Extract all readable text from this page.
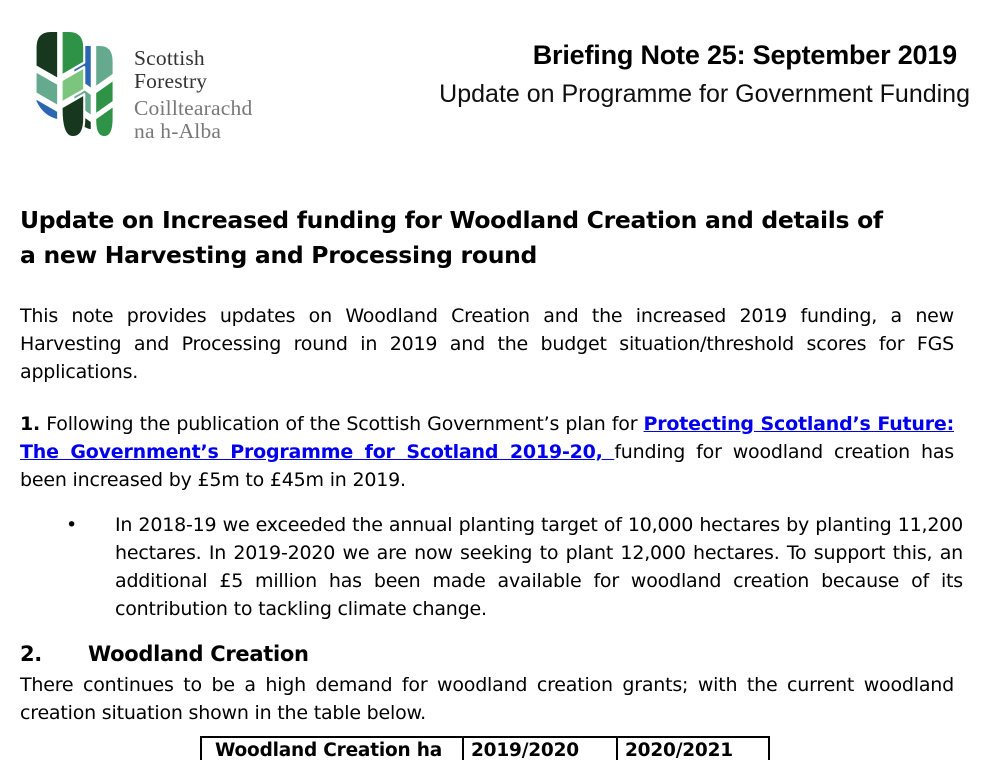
Scottish
Forestry
Coilltearachd
na h-Alba
Briefing Note 25: September 2019
Update on Programme for Government Funding
Update on Increased funding for Woodland Creation and details of
a new Harvesting and Processing round

This note provides updates on Woodland Creation and the increased 2019 funding, a new Harvesting and Processing round in 2019 and the budget situation/threshold scores for FGS applications.

1. Following the publication of the Scottish Government’s plan for Protecting Scotland’s Future: The Government’s Programme for Scotland 2019-20, funding for woodland creation has been increased by £5m to £45m in 2019.

• In 2018-19 we exceeded the annual planting target of 10,000 hectares by planting 11,200 hectares. In 2019-2020 we are now seeking to plant 12,000 hectares. To support this, an additional £5 million has been made available for woodland creation because of its contribution to tackling climate change.
2. Woodland Creation

There continues to be a high demand for woodland creation grants; with the current woodland creation situation shown in the table below.

Woodland Creation ha	2019/2020	2020/2021
